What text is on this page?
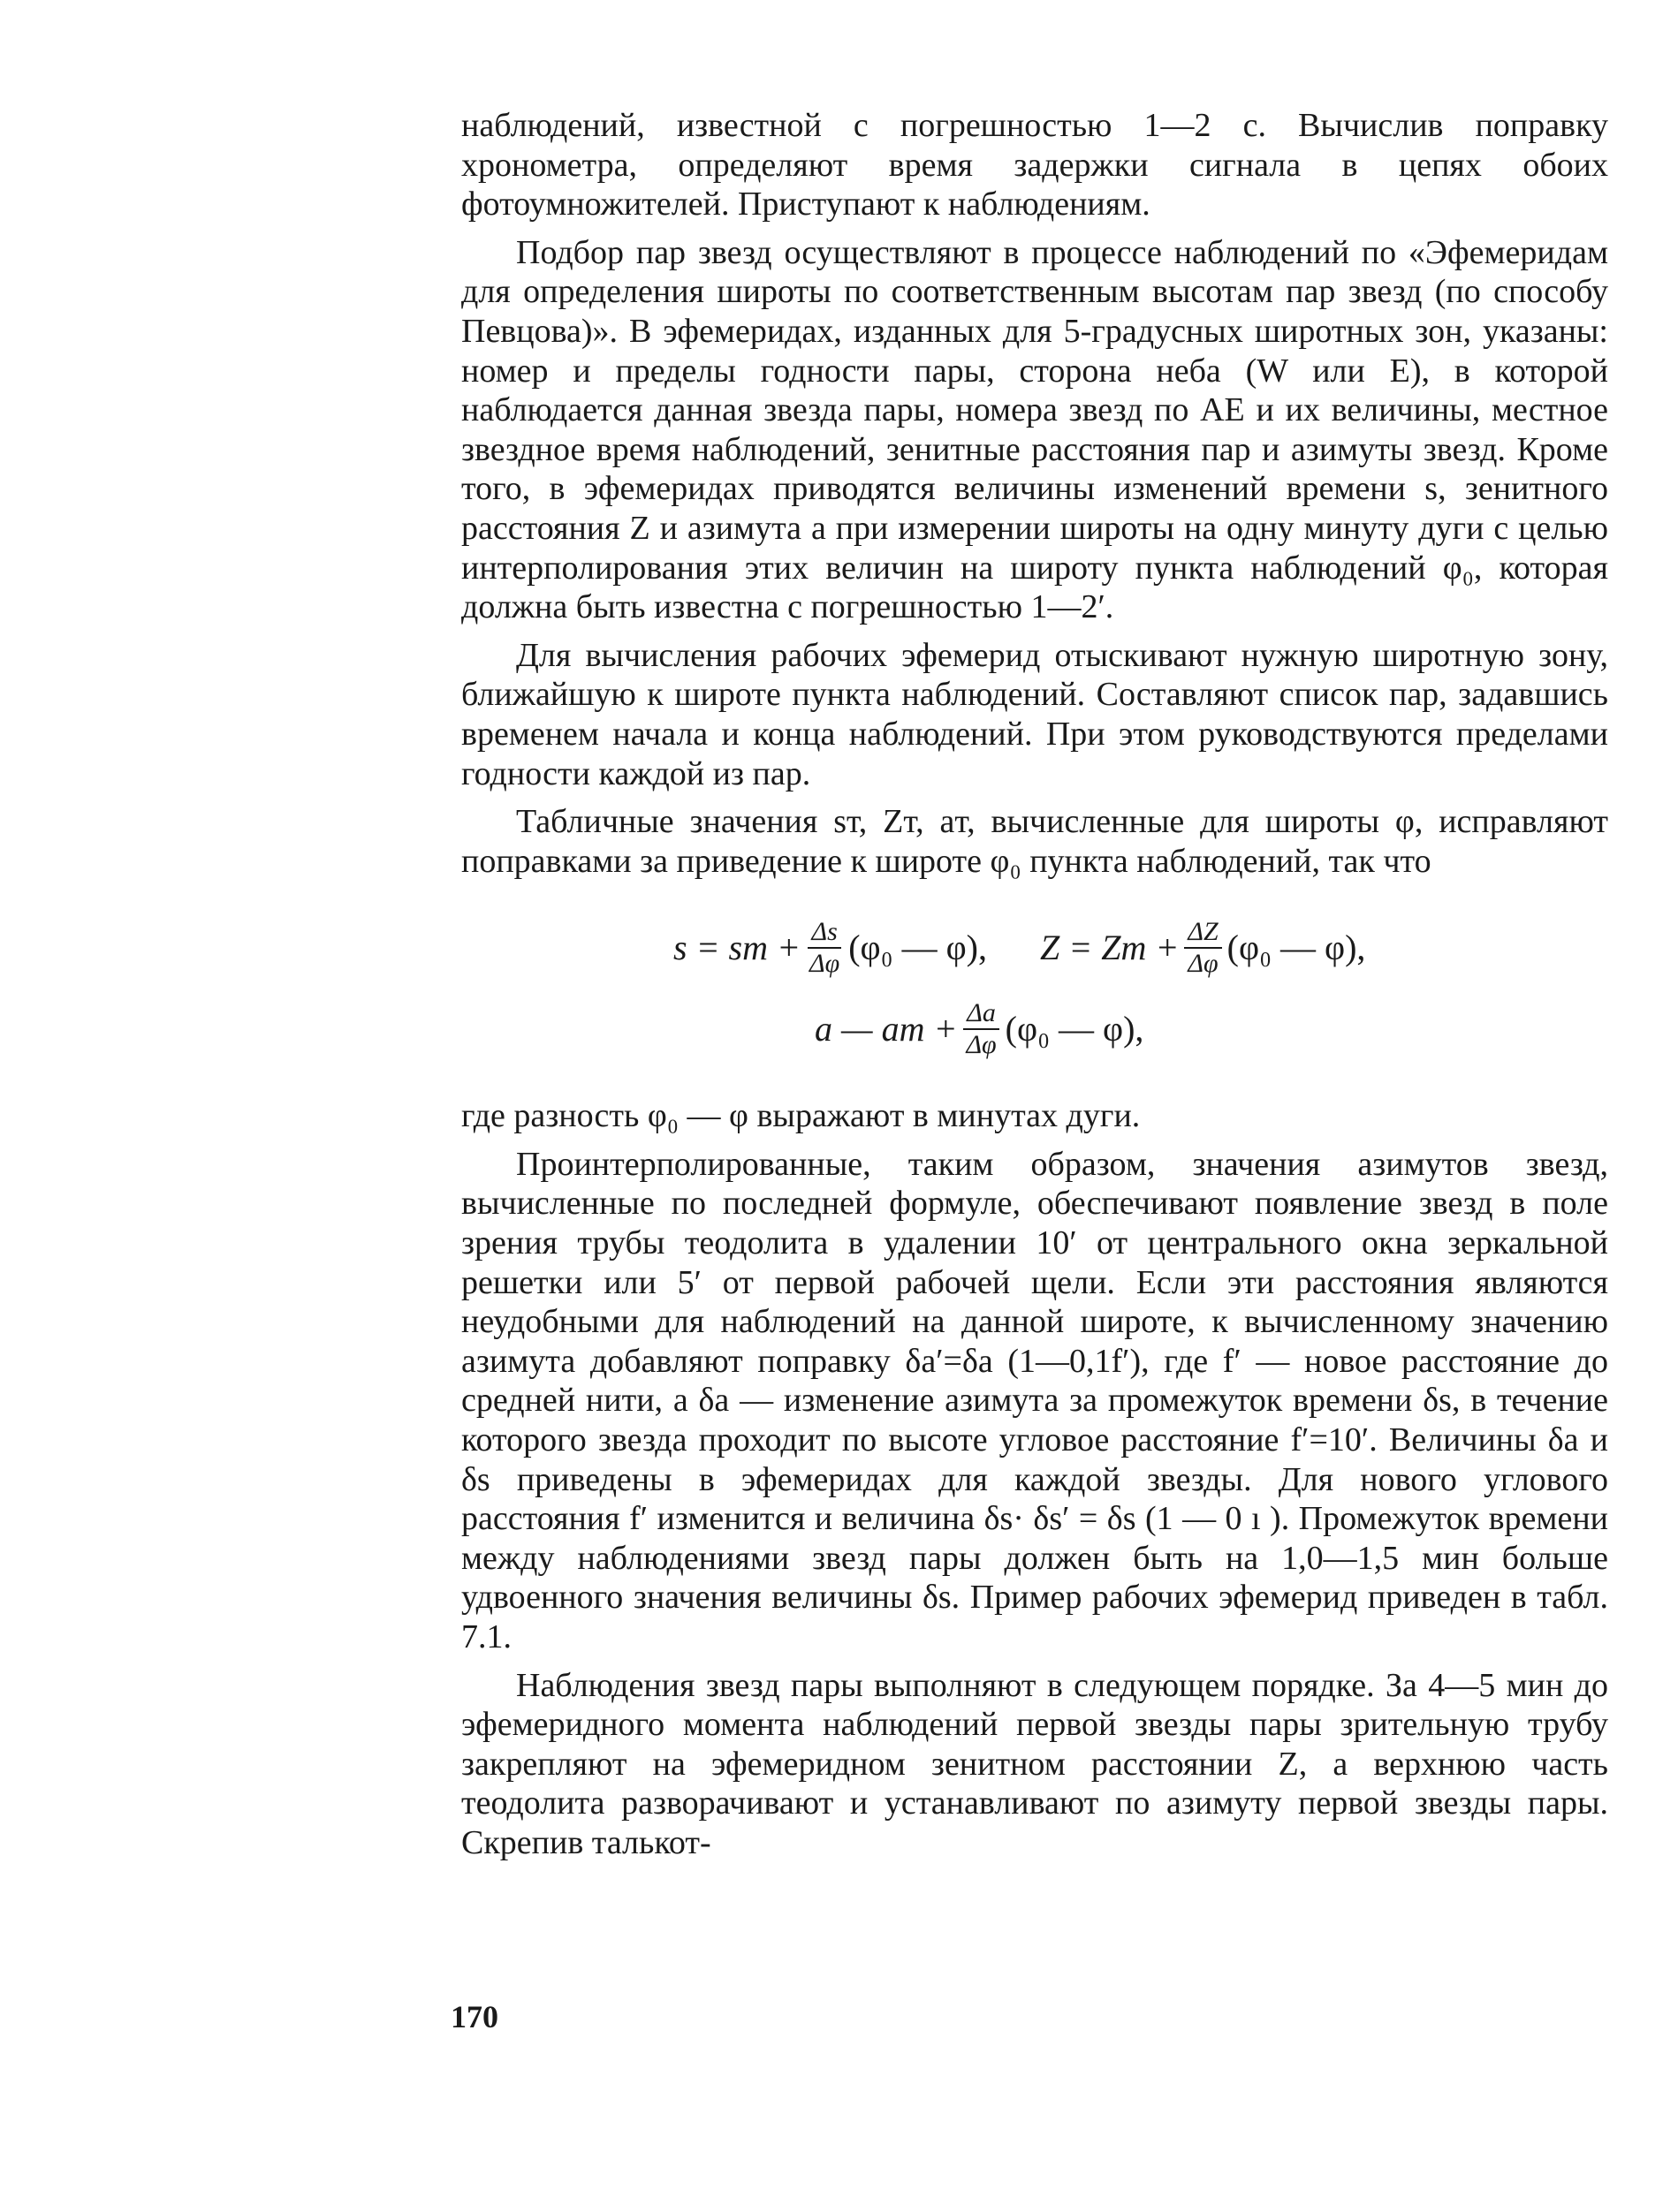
наблюдений, известной с погрешностью 1—2 с. Вычислив поправку хронометра, определяют время задержки сигнала в цепях обоих фотоумножителей. Приступают к наблюдениям.

Подбор пар звезд осуществляют в процессе наблюдений по «Эфемеридам для определения широты по соответственным высотам пар звезд (по способу Певцова)». В эфемеридах, изданных для 5-градусных широтных зон, указаны: номер и пределы годности пары, сторона неба (W или E), в которой наблюдается данная звезда пары, номера звезд по АЕ и их величины, местное звездное время наблюдений, зенитные расстояния пар и азимуты звезд. Кроме того, в эфемеридах приводятся величины изменений времени s, зенитного расстояния Z и азимута a при измерении широты на одну минуту дуги с целью интерполирования этих величин на широту пункта наблюдений φ₀, которая должна быть известна с погрешностью 1—2′.

Для вычисления рабочих эфемерид отыскивают нужную широтную зону, ближайшую к широте пункта наблюдений. Составляют список пар, задавшись временем начала и конца наблюдений. При этом руководствуются пределами годности каждой из пар.

Табличные значения sт, Zт, aт, вычисленные для широты φ, исправляют поправками за приведение к широте φ₀ пункта наблюдений, так что

s = sт + $\frac{\Delta s}{\Delta\varphi} (\varphi_0$ — φ), Z = Zт + $\frac{\Delta Z}{\Delta\varphi} (\varphi_0$ — φ),
a — aт + $\frac{\Delta a}{\Delta\varphi} (\varphi_0$ — φ),

где разность φ₀ — φ выражают в минутах дуги.

Проинтерполированные, таким образом, значения азимутов звезд, вычисленные по последней формуле, обеспечивают появление звезд в поле зрения трубы теодолита в удалении 10′ от центрального окна зеркальной решетки или 5′ от первой рабочей щели. Если эти расстояния являются неудобными для наблюдений на данной широте, к вычисленному значению азимута добавляют поправку δa′=δa (1—0,1f′), где f′ — новое расстояние до средней нити, а δa — изменение азимута за промежуток времени δs, в течение которого звезда проходит по высоте угловое расстояние f′=10′. Величины δa и δs приведены в эфемеридах для каждой звезды. Для нового углового расстояния f′ изменится и величина δs· δs′ = δs (1 — 0 ı ). Промежуток времени между наблюдениями звезд пары должен быть на 1,0—1,5 мин больше удвоенного значения величины δs. Пример рабочих эфемерид приведен в табл. 7.1.

Наблюдения звезд пары выполняют в следующем порядке. За 4—5 мин до эфемеридного момента наблюдений первой звезды пары зрительную трубу закрепляют на эфемеридном зенитном расстоянии Z, а верхнюю часть теодолита разворачивают и устанавливают по азимуту первой звезды пары. Скрепив талькот-

170
